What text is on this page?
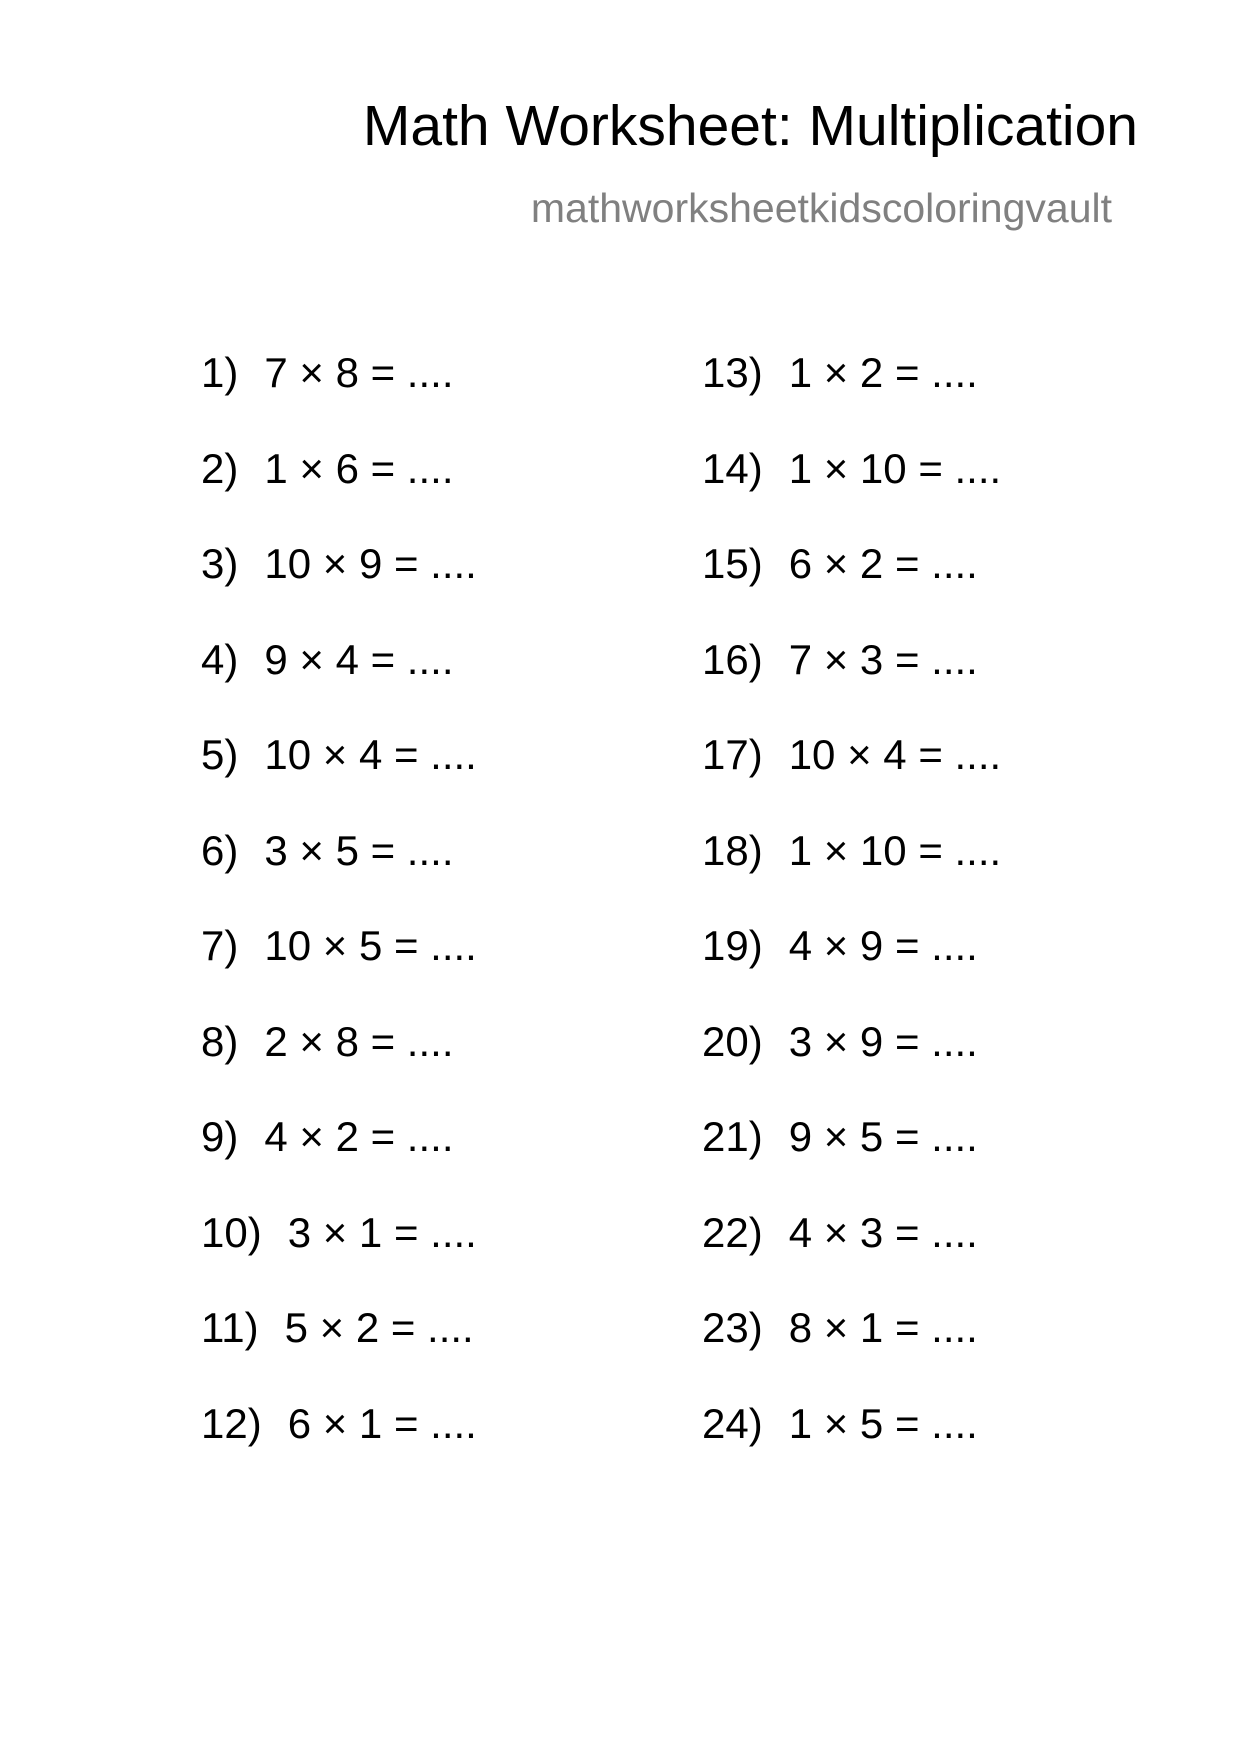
Math Worksheet: Multiplication
mathworksheetkidscoloringvault
1) 7 × 8 = ....
2) 1 × 6 = ....
3) 10 × 9 = ....
4) 9 × 4 = ....
5) 10 × 4 = ....
6) 3 × 5 = ....
7) 10 × 5 = ....
8) 2 × 8 = ....
9) 4 × 2 = ....
10) 3 × 1 = ....
11) 5 × 2 = ....
12) 6 × 1 = ....
13) 1 × 2 = ....
14) 1 × 10 = ....
15) 6 × 2 = ....
16) 7 × 3 = ....
17) 10 × 4 = ....
18) 1 × 10 = ....
19) 4 × 9 = ....
20) 3 × 9 = ....
21) 9 × 5 = ....
22) 4 × 3 = ....
23) 8 × 1 = ....
24) 1 × 5 = ....
